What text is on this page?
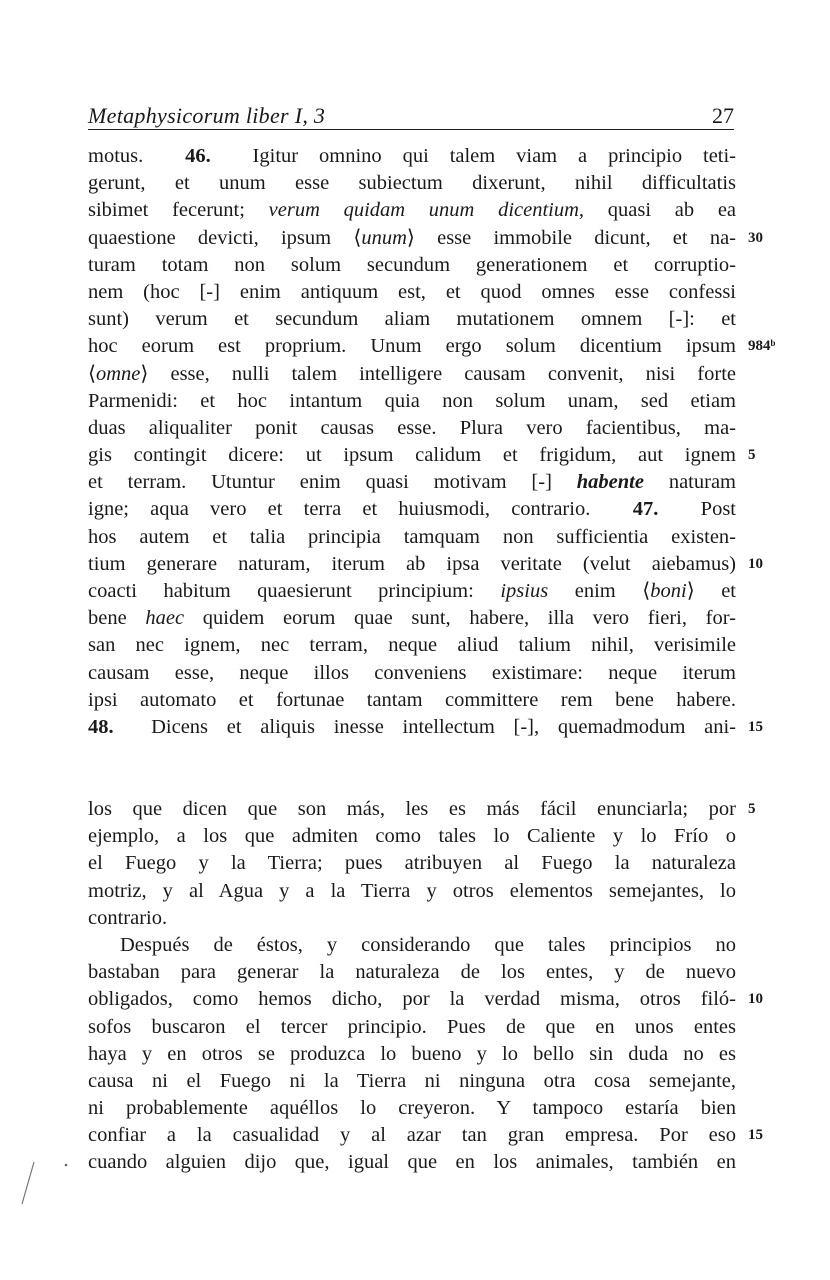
Metaphysicorum liber I, 3	27
motus.  46.  Igitur omnino qui talem viam a principio teti-
gerunt, et unum esse subiectum dixerunt, nihil difficultatis
sibimet fecerunt; verum quidam unum dicentium, quasi ab ea
quaestione devicti, ipsum ⟨unum⟩ esse immobile dicunt, et na- 30
turam totam non solum secundum generationem et corruptio-
nem (hoc [-] enim antiquum est, et quod omnes esse confessi
sunt) verum et secundum aliam mutationem omnem [-]: et
hoc eorum est proprium. Unum ergo solum dicentium ipsum 984ᵇ
⟨omne⟩ esse, nulli talem intelligere causam convenit, nisi forte
Parmenidi: et hoc intantum quia non solum unam, sed etiam
duas aliqualiter ponit causas esse. Plura vero facientibus, ma-
gis contingit dicere: ut ipsum calidum et frigidum, aut ignem 5
et terram. Utuntur enim quasi motivam [-] habente naturam
igne; aqua vero et terra et huiusmodi, contrario.  47.  Post
hos autem et talia principia tamquam non sufficientia existen-
tium generare naturam, iterum ab ipsa veritate (velut aiebamus) 10
coacti habitum quaesierunt principium: ipsius enim ⟨boni⟩ et
bene haec quidem eorum quae sunt, habere, illa vero fieri, for-
san nec ignem, nec terram, neque aliud talium nihil, verisimile
causam esse, neque illos conveniens existimare: neque iterum
ipsi automato et fortunae tantam committere rem bene habere.
48.  Dicens et aliquis inesse intellectum [-], quemadmodum ani- 15
los que dicen que son más, les es más fácil enunciarla; por 5
ejemplo, a los que admiten como tales lo Caliente y lo Frío o
el Fuego y la Tierra; pues atribuyen al Fuego la naturaleza
motriz, y al Agua y a la Tierra y otros elementos semejantes, lo
contrario.
Después de éstos, y considerando que tales principios no
bastaban para generar la naturaleza de los entes, y de nuevo
obligados, como hemos dicho, por la verdad misma, otros filó- 10
sofos buscaron el tercer principio. Pues de que en unos entes
haya y en otros se produzca lo bueno y lo bello sin duda no es
causa ni el Fuego ni la Tierra ni ninguna otra cosa semejante,
ni probablemente aquéllos lo creyeron. Y tampoco estaría bien
confiar a la casualidad y al azar tan gran empresa. Por eso 15
cuando alguien dijo que, igual que en los animales, también en
